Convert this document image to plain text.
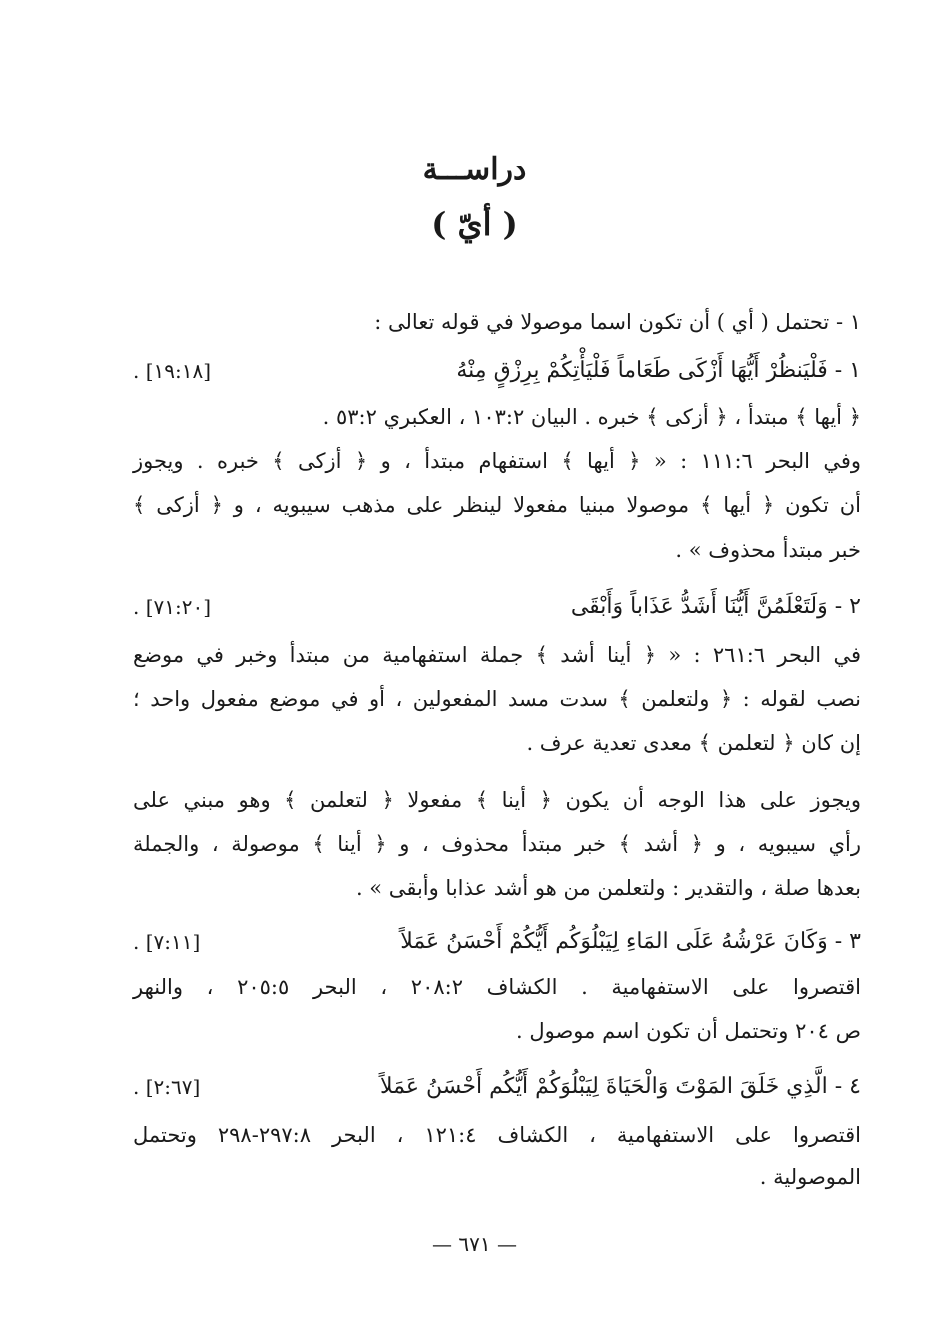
دراســـة
( أيّ )
١ - تحتمل ( أي ) أن تكون اسما موصولا في قوله تعالى :
١ - فَلْيَنظُرْ أَيُّهَا أَزْكَى طَعَاماً فَلْيَأْتِكُمْ بِرِزْقٍ مِنْهُ
[١٩:١٨] .
﴿ أيها ﴾ مبتدأ ، ﴿ أزكى ﴾ خبره . البيان ١٠٣:٢ ، العكبري ٥٣:٢ .
وفي البحر ١١١:٦ : « ﴿ أيها ﴾ استفهام مبتدأ ، و ﴿ أزكى ﴾ خبره . ويجوز
أن تكون ﴿ أيها ﴾ موصولا مبنيا مفعولا لينظر على مذهب سيبويه ، و ﴿ أزكى ﴾
خبر مبتدأ محذوف » .
٢ - وَلَتَعْلَمُنَّ أَيُّنَا أَشَدُّ عَذَاباً وَأَبْقَى
[٧١:٢٠] .
في البحر ٢٦١:٦ : « ﴿ أينا أشد ﴾ جملة استفهامية من مبتدأ وخبر في موضع
نصب لقوله : ﴿ ولتعلمن ﴾ سدت مسد المفعولين ، أو في موضع مفعول واحد ؛
إن كان ﴿ لتعلمن ﴾ معدى تعدية عرف .
ويجوز على هذا الوجه أن يكون ﴿ أينا ﴾ مفعولا ﴿ لتعلمن ﴾ وهو مبني على
رأي سيبويه ، و ﴿ أشد ﴾ خبر مبتدأ محذوف ، و ﴿ أينا ﴾ موصولة ، والجملة
بعدها صلة ، والتقدير : ولتعلمن من هو أشد عذابا وأبقى » .
٣ - وَكَانَ عَرْشُهُ عَلَى المَاءِ لِيَبْلُوَكُم أَيُّكُمْ أَحْسَنُ عَمَلاً
[٧:١١] .
اقتصروا على الاستفهامية . الكشاف ٢٠٨:٢ ، البحر ٢٠٥:٥ ، والنهر
ص ٢٠٤ وتحتمل أن تكون اسم موصول .
٤ - الَّذِي خَلَقَ المَوْتَ وَالْحَيَاةَ لِيَبْلُوَكُمْ أَيُّكُم أَحْسَنُ عَمَلاً
[٢:٦٧] .
اقتصروا على الاستفهامية ، الكشاف ١٢١:٤ ، البحر ٢٩٧:٨-٢٩٨ وتحتمل
الموصولية .
— ٦٧١ —
